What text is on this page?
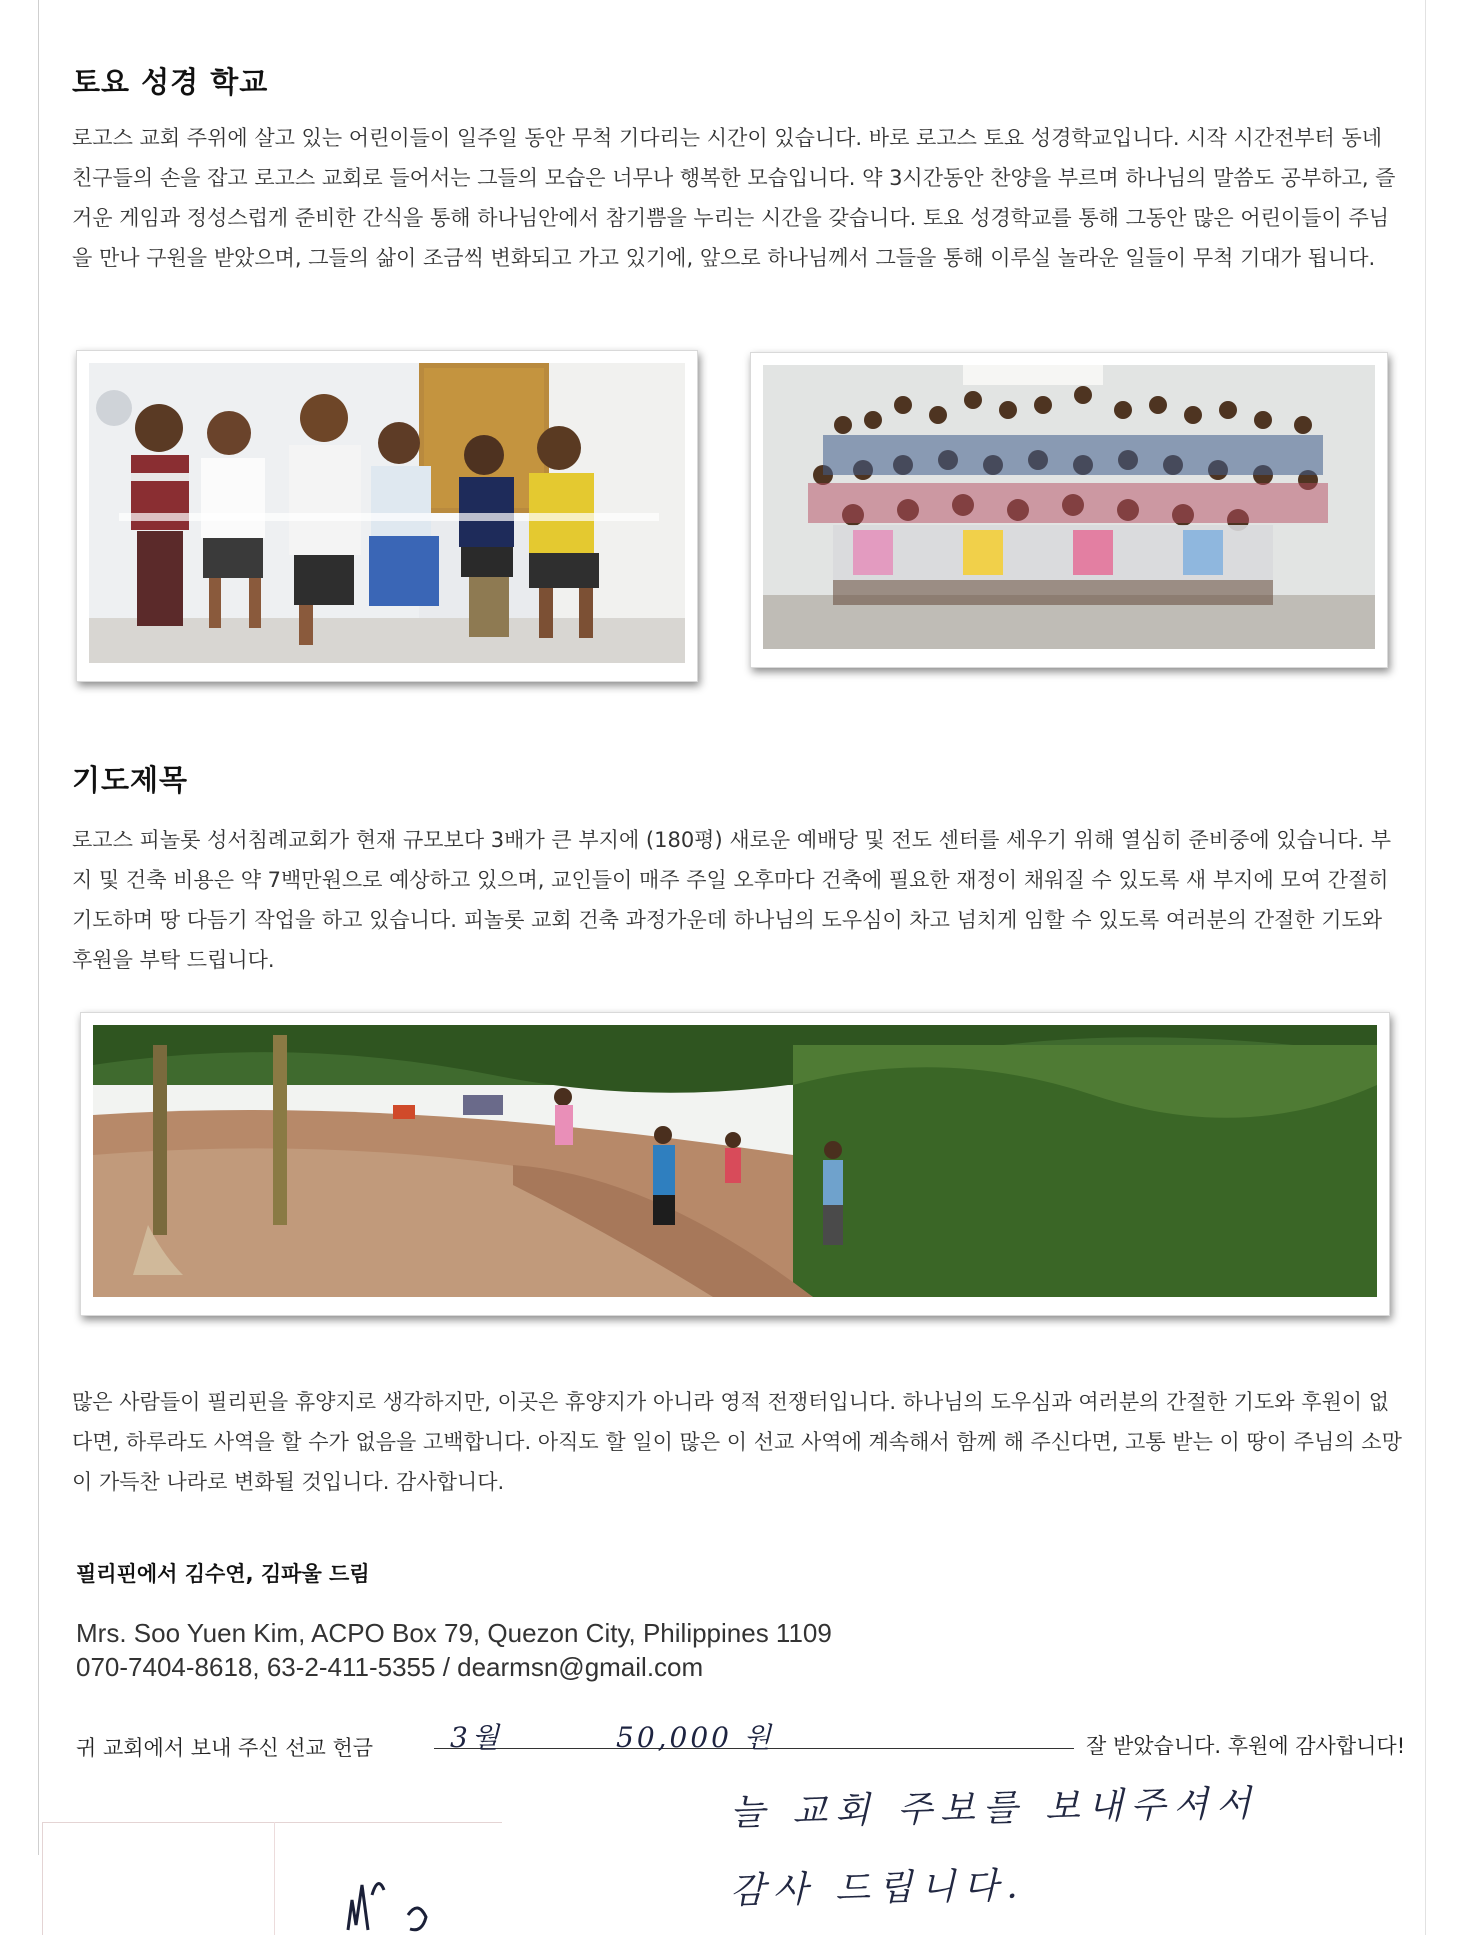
토요 성경 학교

로고스 교회 주위에 살고 있는 어린이들이 일주일 동안 무척 기다리는 시간이 있습니다. 바로 로고스 토요 성경학교입니다. 시작 시간전부터 동네 친구들의 손을 잡고 로고스 교회로 들어서는 그들의 모습은 너무나 행복한 모습입니다. 약 3시간동안 찬양을 부르며 하나님의 말씀도 공부하고, 즐거운 게임과 정성스럽게 준비한 간식을 통해 하나님안에서 참기쁨을 누리는 시간을 갖습니다. 토요 성경학교를 통해 그동안 많은 어린이들이 주님을 만나 구원을 받았으며, 그들의 삶이 조금씩 변화되고 가고 있기에, 앞으로 하나님께서 그들을 통해 이루실 놀라운 일들이 무척 기대가 됩니다.

기도제목

로고스 피놀롯 성서침례교회가 현재 규모보다 3배가 큰 부지에 (180평) 새로운 예배당 및 전도 센터를 세우기 위해 열심히 준비중에 있습니다. 부지 및 건축 비용은 약 7백만원으로 예상하고 있으며, 교인들이 매주 주일 오후마다 건축에 필요한 재정이 채워질 수 있도록 새 부지에 모여 간절히 기도하며 땅 다듬기 작업을 하고 있습니다. 피놀롯 교회 건축 과정가운데 하나님의 도우심이 차고 넘치게 임할 수 있도록 여러분의 간절한 기도와 후원을 부탁 드립니다.

많은 사람들이 필리핀을 휴양지로 생각하지만, 이곳은 휴양지가 아니라 영적 전쟁터입니다. 하나님의 도우심과 여러분의 간절한 기도와 후원이 없다면, 하루라도 사역을 할 수가 없음을 고백합니다. 아직도 할 일이 많은 이 선교 사역에 계속해서 함께 해 주신다면, 고통 받는 이 땅이 주님의 소망이 가득찬 나라로 변화될 것입니다. 감사합니다.

필리핀에서 김수연, 김파울 드림

Mrs. Soo Yuen Kim, ACPO Box 79, Quezon City, Philippines 1109

070-7404-8618, 63-2-411-5355 / dearmsn@gmail.com

귀 교회에서 보내 주신 선교 헌금	3월	50,000 원	잘 받았습니다. 후원에 감사합니다!
늘 교회 주보를 보내주셔서
감사 드립니다.
